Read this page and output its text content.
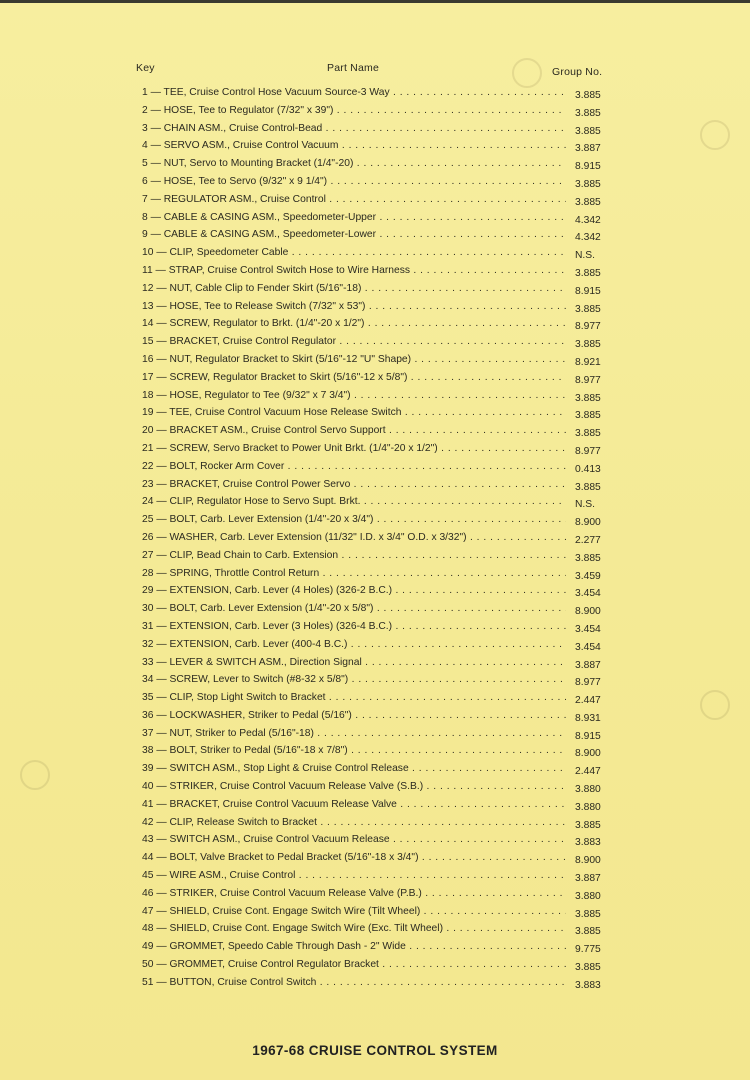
Key	Part Name	Group No.
1 — TEE, Cruise Control Hose Vacuum Source-3 Way . . .	3.885
2 — HOSE, Tee to Regulator (7/32" x 39") . . .	3.885
3 — CHAIN ASM., Cruise Control-Bead . . .	3.885
4 — SERVO ASM., Cruise Control Vacuum . . .	3.887
5 — NUT, Servo to Mounting Bracket (1/4"-20) . . .	8.915
6 — HOSE, Tee to Servo (9/32" x 9 1/4") . . .	3.885
7 — REGULATOR ASM., Cruise Control . . .	3.885
8 — CABLE & CASING ASM., Speedometer-Upper . . .	4.342
9 — CABLE & CASING ASM., Speedometer-Lower . . .	4.342
10 — CLIP, Speedometer Cable . . .	N.S.
11 — STRAP, Cruise Control Switch Hose to Wire Harness . . .	3.885
12 — NUT, Cable Clip to Fender Skirt (5/16"-18) . . .	8.915
13 — HOSE, Tee to Release Switch (7/32" x 53") . . .	3.885
14 — SCREW, Regulator to Brkt. (1/4"-20 x 1/2") . . .	8.977
15 — BRACKET, Cruise Control Regulator . . .	3.885
16 — NUT, Regulator Bracket to Skirt (5/16"-12 "U" Shape) . . .	8.921
17 — SCREW, Regulator Bracket to Skirt (5/16"-12 x 5/8") . . .	8.977
18 — HOSE, Regulator to Tee (9/32" x 7 3/4") . . .	3.885
19 — TEE, Cruise Control Vacuum Hose Release Switch . . .	3.885
20 — BRACKET ASM., Cruise Control Servo Support . . .	3.885
21 — SCREW, Servo Bracket to Power Unit Brkt. (1/4"-20 x 1/2") . . .	8.977
22 — BOLT, Rocker Arm Cover . . .	0.413
23 — BRACKET, Cruise Control Power Servo . . .	3.885
24 — CLIP, Regulator Hose to Servo Supt. Brkt. . . .	N.S.
25 — BOLT, Carb. Lever Extension (1/4"-20 x 3/4") . . .	8.900
26 — WASHER, Carb. Lever Extension (11/32" I.D. x 3/4" O.D. x 3/32") . . .	2.277
27 — CLIP, Bead Chain to Carb. Extension . . .	3.885
28 — SPRING, Throttle Control Return . . .	3.459
29 — EXTENSION, Carb. Lever (4 Holes) (326-2 B.C.) . . .	3.454
30 — BOLT, Carb. Lever Extension (1/4"-20 x 5/8") . . .	8.900
31 — EXTENSION, Carb. Lever (3 Holes) (326-4 B.C.) . . .	3.454
32 — EXTENSION, Carb. Lever (400-4 B.C.) . . .	3.454
33 — LEVER & SWITCH ASM., Direction Signal . . .	3.887
34 — SCREW, Lever to Switch (#8-32 x 5/8") . . .	8.977
35 — CLIP, Stop Light Switch to Bracket . . .	2.447
36 — LOCKWASHER, Striker to Pedal (5/16") . . .	8.931
37 — NUT, Striker to Pedal (5/16"-18) . . .	8.915
38 — BOLT, Striker to Pedal (5/16"-18 x 7/8") . . .	8.900
39 — SWITCH ASM., Stop Light & Cruise Control Release . . .	2.447
40 — STRIKER, Cruise Control Vacuum Release Valve (S.B.) . . .	3.880
41 — BRACKET, Cruise Control Vacuum Release Valve . . .	3.880
42 — CLIP, Release Switch to Bracket . . .	3.885
43 — SWITCH ASM., Cruise Control Vacuum Release . . .	3.883
44 — BOLT, Valve Bracket to Pedal Bracket (5/16"-18 x 3/4") . . .	8.900
45 — WIRE ASM., Cruise Control . . .	3.887
46 — STRIKER, Cruise Control Vacuum Release Valve (P.B.) . . .	3.880
47 — SHIELD, Cruise Cont. Engage Switch Wire (Tilt Wheel) . . .	3.885
48 — SHIELD, Cruise Cont. Engage Switch Wire (Exc. Tilt Wheel) . . .	3.885
49 — GROMMET, Speedo Cable Through Dash - 2" Wide . . .	9.775
50 — GROMMET, Cruise Control Regulator Bracket . . .	3.885
51 — BUTTON, Cruise Control Switch . . .	3.883
1967-68 CRUISE CONTROL SYSTEM
